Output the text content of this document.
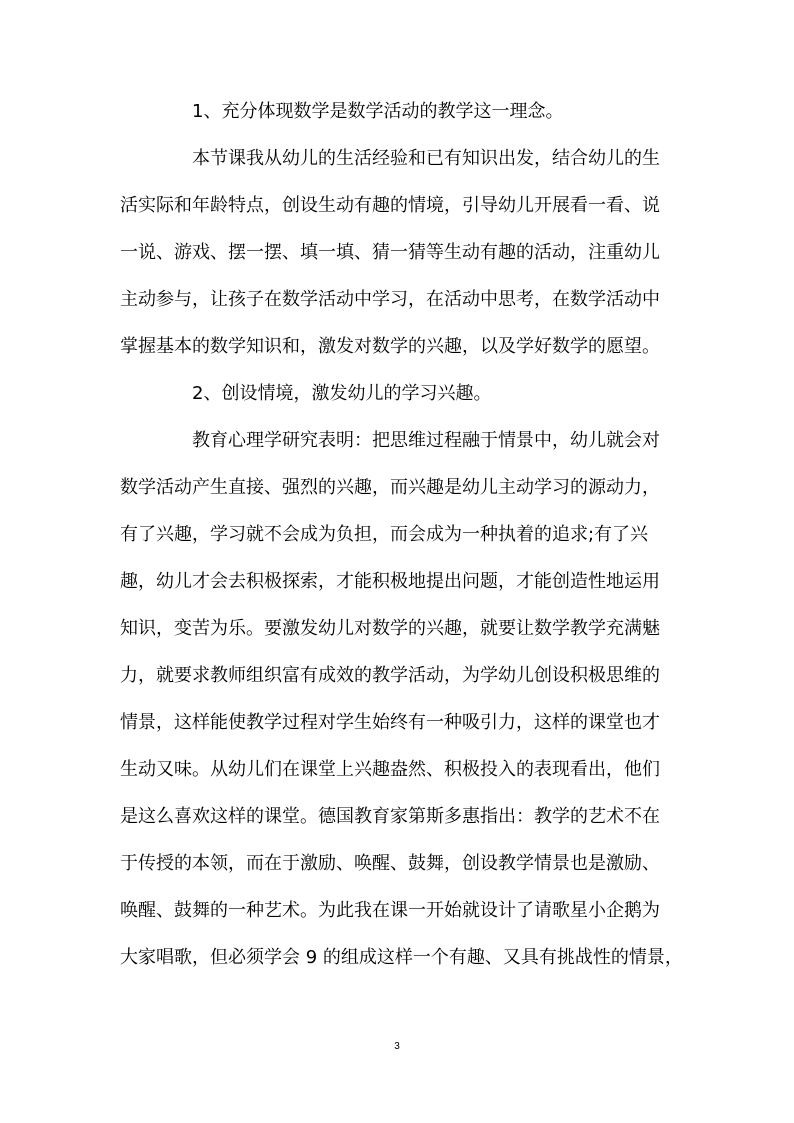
1、充分体现数学是数学活动的教学这一理念。
本节课我从幼儿的生活经验和已有知识出发，结合幼儿的生
活实际和年龄特点，创设生动有趣的情境，引导幼儿开展看一看、说
一说、游戏、摆一摆、填一填、猜一猜等生动有趣的活动，注重幼儿
主动参与，让孩子在数学活动中学习，在活动中思考，在数学活动中
掌握基本的数学知识和，激发对数学的兴趣，以及学好数学的愿望。
2、创设情境，激发幼儿的学习兴趣。
教育心理学研究表明：把思维过程融于情景中，幼儿就会对
数学活动产生直接、强烈的兴趣，而兴趣是幼儿主动学习的源动力，
有了兴趣，学习就不会成为负担，而会成为一种执着的追求;有了兴
趣，幼儿才会去积极探索，才能积极地提出问题，才能创造性地运用
知识，变苦为乐。要激发幼儿对数学的兴趣，就要让数学教学充满魅
力，就要求教师组织富有成效的教学活动，为学幼儿创设积极思维的
情景，这样能使教学过程对学生始终有一种吸引力，这样的课堂也才
生动又味。从幼儿们在课堂上兴趣盎然、积极投入的表现看出，他们
是这么喜欢这样的课堂。德国教育家第斯多惠指出：教学的艺术不在
于传授的本领，而在于激励、唤醒、鼓舞，创设教学情景也是激励、
唤醒、鼓舞的一种艺术。为此我在课一开始就设计了请歌星小企鹅为
大家唱歌，但必须学会 9 的组成这样一个有趣、又具有挑战性的情景，
3
